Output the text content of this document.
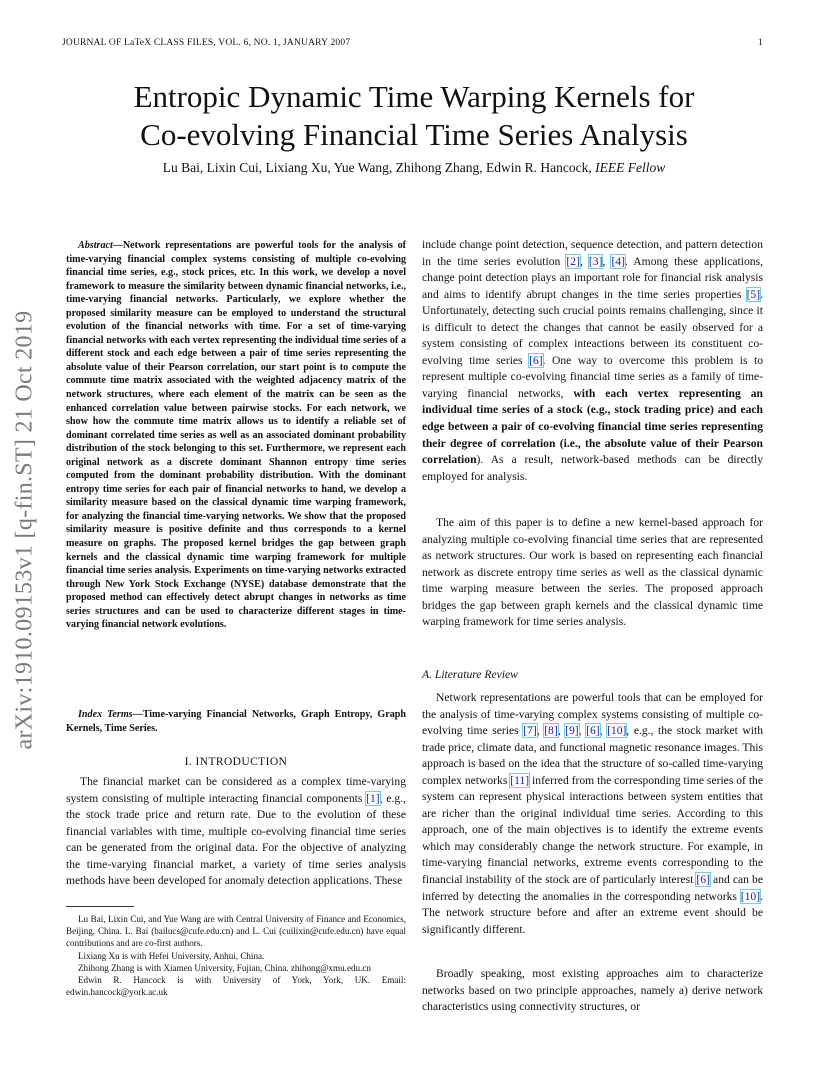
JOURNAL OF LaTeX CLASS FILES, VOL. 6, NO. 1, JANUARY 2007	1
arXiv:1910.09153v1 [q-fin.ST] 21 Oct 2019
Entropic Dynamic Time Warping Kernels for
Co-evolving Financial Time Series Analysis
Lu Bai, Lixin Cui, Lixiang Xu, Yue Wang, Zhihong Zhang, Edwin R. Hancock, IEEE Fellow
Abstract—Network representations are powerful tools for the analysis of time-varying financial complex systems consisting of multiple co-evolving financial time series, e.g., stock prices, etc. In this work, we develop a novel framework to measure the similarity between dynamic financial networks, i.e., time-varying financial networks. Particularly, we explore whether the proposed similarity measure can be employed to understand the structural evolution of the financial networks with time. For a set of time-varying financial networks with each vertex representing the individual time series of a different stock and each edge between a pair of time series representing the absolute value of their Pearson correlation, our start point is to compute the commute time matrix associated with the weighted adjacency matrix of the network structures, where each element of the matrix can be seen as the enhanced correlation value between pairwise stocks. For each network, we show how the commute time matrix allows us to identify a reliable set of dominant correlated time series as well as an associated dominant probability distribution of the stock belonging to this set. Furthermore, we represent each original network as a discrete dominant Shannon entropy time series computed from the dominant probability distribution. With the dominant entropy time series for each pair of financial networks to hand, we develop a similarity measure based on the classical dynamic time warping framework, for analyzing the financial time-varying networks. We show that the proposed similarity measure is positive definite and thus corresponds to a kernel measure on graphs. The proposed kernel bridges the gap between graph kernels and the classical dynamic time warping framework for multiple financial time series analysis. Experiments on time-varying networks extracted through New York Stock Exchange (NYSE) database demonstrate that the proposed method can effectively detect abrupt changes in networks as time series structures and can be used to characterize different stages in time-varying financial network evolutions.
Index Terms—Time-varying Financial Networks, Graph Entropy, Graph Kernels, Time Series.
I. INTRODUCTION

The financial market can be considered as a complex time-varying system consisting of multiple interacting financial components [1], e.g., the stock trade price and return rate. Due to the evolution of these financial variables with time, multiple co-evolving financial time series can be generated from the original data. For the objective of analyzing the time-varying financial market, a variety of time series analysis methods have been developed for anomaly detection applications. These

Lu Bai, Lixin Cui, and Yue Wang are with Central University of Finance and Economics, Beijing, China. L. Bai (bailucs@cufe.edu.cn) and L. Cui (cuilixin@cufe.edu.cn) have equal contributions and are co-first authors.

Lixiang Xu is with Hefei University, Anhui, China.

Zhihong Zhang is with Xiamen University, Fujian, China. zhihong@xmu.edu.cn

Edwin R. Hancock is with University of York, York, UK. Email: edwin.hancock@york.ac.uk

include change point detection, sequence detection, and pattern detection in the time series evolution [2], [3], [4]. Among these applications, change point detection plays an important role for financial risk analysis and aims to identify abrupt changes in the time series properties [5]. Unfortunately, detecting such crucial points remains challenging, since it is difficult to detect the changes that cannot be easily observed for a system consisting of complex inteactions between its constituent co-evolving time series [6]. One way to overcome this problem is to represent multiple co-evolving financial time series as a family of time-varying financial networks, with each vertex representing an individual time series of a stock (e.g., stock trading price) and each edge between a pair of co-evolving financial time series representing their degree of correlation (i.e., the absolute value of their Pearson correlation). As a result, network-based methods can be directly employed for analysis.

The aim of this paper is to define a new kernel-based approach for analyzing multiple co-evolving financial time series that are represented as network structures. Our work is based on representing each financial network as discrete entropy time series as well as the classical dynamic time warping measure between the series. The proposed approach bridges the gap between graph kernels and the classical dynamic time warping framework for time series analysis.

A. Literature Review

Network representations are powerful tools that can be employed for the analysis of time-varying complex systems consisting of multiple co-evolving time series [7], [8], [9], [6], [10], e.g., the stock market with trade price, climate data, and functional magnetic resonance images. This approach is based on the idea that the structure of so-called time-varying complex networks [11] inferred from the corresponding time series of the system can represent physical interactions between system entities that are richer than the original individual time series. According to this approach, one of the main objectives is to identify the extreme events which may considerably change the network structure. For example, in time-varying financial networks, extreme events corresponding to the financial instability of the stock are of particularly interest [6] and can be inferred by detecting the anomalies in the corresponding networks [10]. The network structure before and after an extreme event should be significantly different.

Broadly speaking, most existing approaches aim to characterize networks based on two principle approaches, namely a) derive network characteristics using connectivity structures, or
